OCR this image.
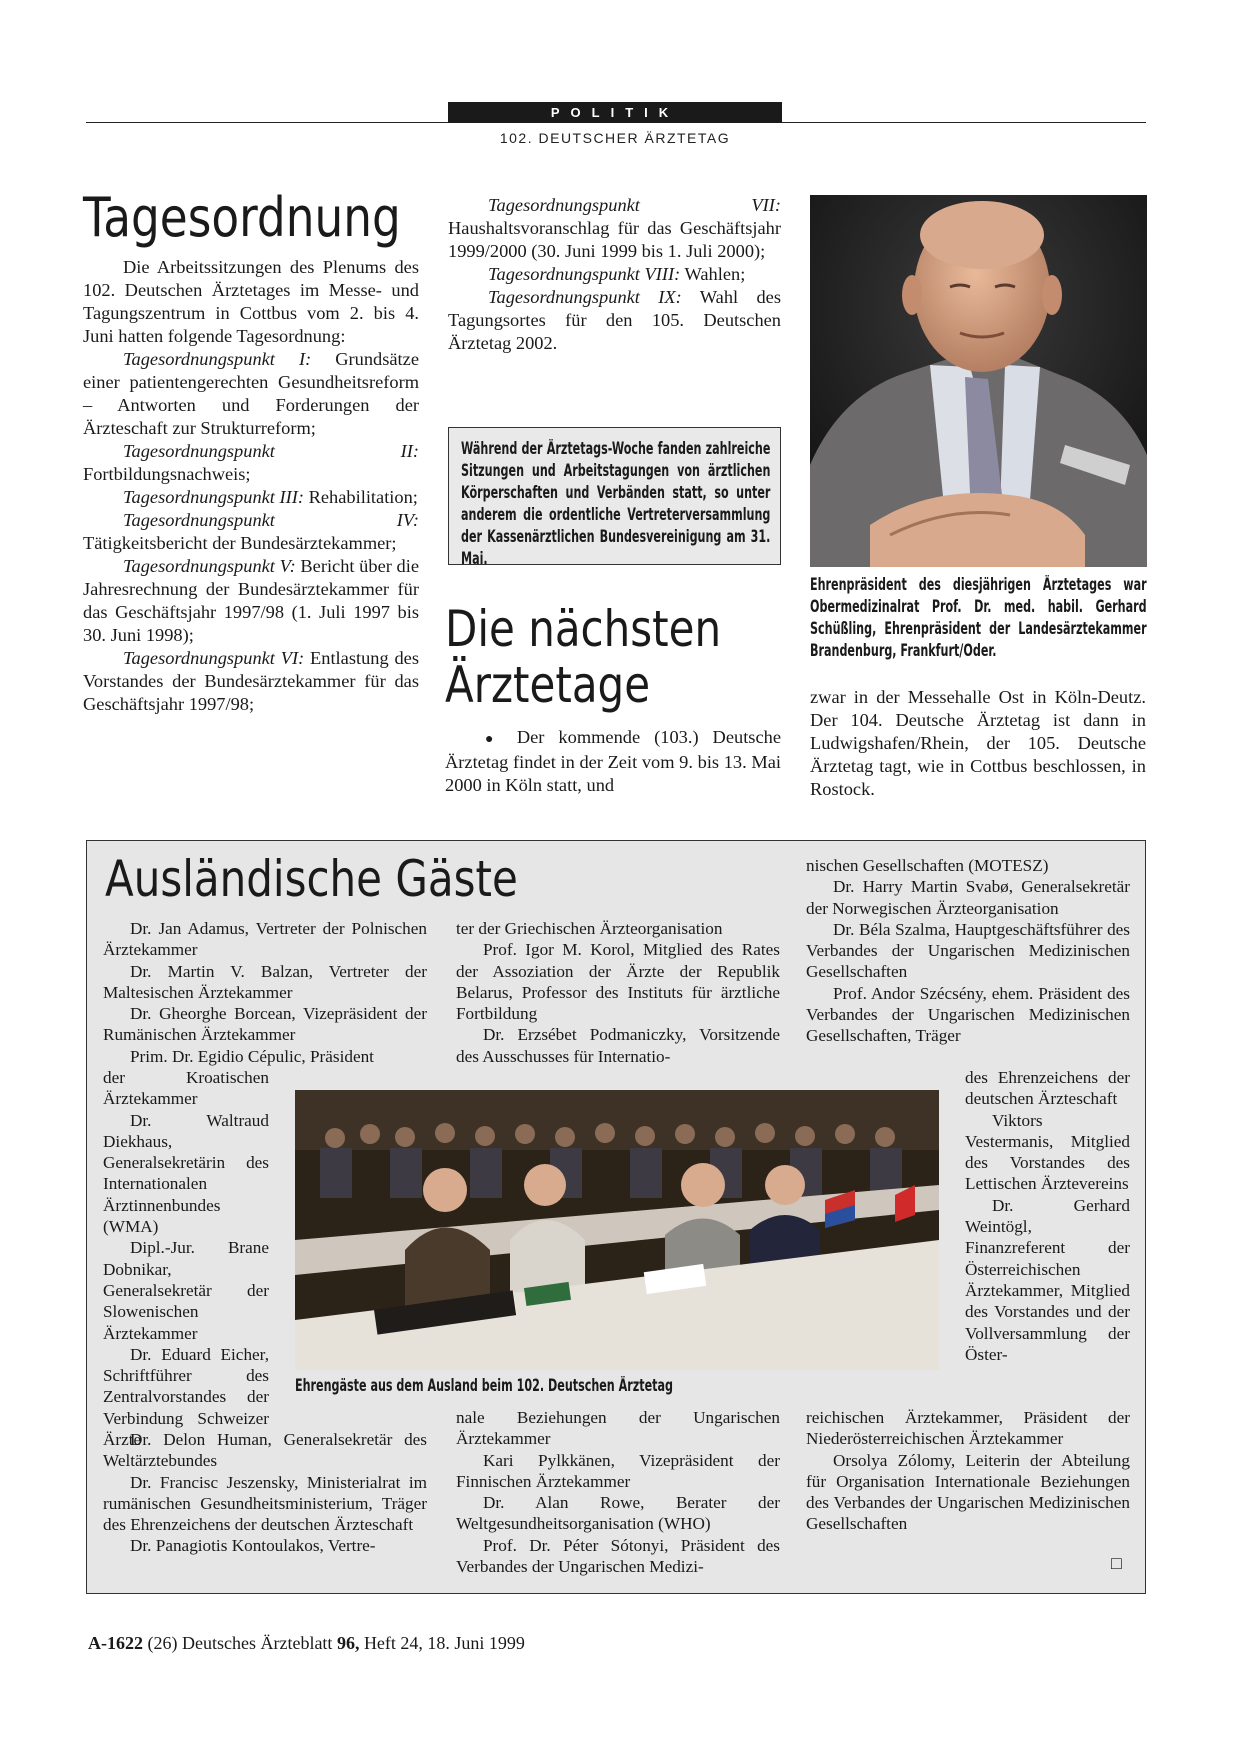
POLITIK
102. DEUTSCHER ÄRZTETAG
Tagesordnung

Die Arbeitssitzungen des Plenums des 102. Deutschen Ärztetages im Messe- und Tagungszentrum in Cottbus vom 2. bis 4. Juni hatten folgende Tagesordnung:

Tagesordnungspunkt I: Grundsätze einer patientengerechten Gesundheitsreform – Antworten und Forderungen der Ärzteschaft zur Strukturreform;

Tagesordnungspunkt II: Fortbildungsnachweis;

Tagesordnungspunkt III: Rehabilitation;

Tagesordnungspunkt IV: Tätigkeitsbericht der Bundesärztekammer;

Tagesordnungspunkt V: Bericht über die Jahresrechnung der Bundesärztekammer für das Geschäftsjahr 1997/98 (1. Juli 1997 bis 30. Juni 1998);

Tagesordnungspunkt VI: Entlastung des Vorstandes der Bundesärztekammer für das Geschäftsjahr 1997/98;

Tagesordnungspunkt VII: Haushaltsvoranschlag für das Geschäftsjahr 1999/2000 (30. Juni 1999 bis 1. Juli 2000);

Tagesordnungspunkt VIII: Wahlen;

Tagesordnungspunkt IX: Wahl des Tagungsortes für den 105. Deutschen Ärztetag 2002.

Während der Ärztetags-Woche fanden zahlreiche Sitzungen und Arbeitstagungen von ärztlichen Körperschaften und Verbänden statt, so unter anderem die ordentliche Vertreterversammlung der Kassenärztlichen Bundesvereinigung am 31. Mai.
Die nächsten
Ärztetage

● Der kommende (103.) Deutsche Ärztetag findet in der Zeit vom 9. bis 13. Mai 2000 in Köln statt, und

Ehrenpräsident des diesjährigen Ärztetages war Obermedizinalrat Prof. Dr. med. habil. Gerhard Schüßling, Ehrenpräsident der Landesärztekammer Brandenburg, Frankfurt/Oder.

zwar in der Messehalle Ost in Köln-Deutz. Der 104. Deutsche Ärztetag ist dann in Ludwigshafen/Rhein, der 105. Deutsche Ärztetag tagt, wie in Cottbus beschlossen, in Rostock.

Ausländische Gäste

Dr. Jan Adamus, Vertreter der Polnischen Ärztekammer

Dr. Martin V. Balzan, Vertreter der Maltesischen Ärztekammer

Dr. Gheorghe Borcean, Vizepräsident der Rumänischen Ärztekammer

Prim. Dr. Egidio Cépulic, Präsident

der Kroatischen Ärztekammer

Dr. Waltraud Diekhaus, Generalsekretärin des Internationalen Ärztinnenbundes (WMA)

Dipl.-Jur. Brane Dobnikar, Generalsekretär der Slowenischen Ärztekammer

Dr. Eduard Eicher, Schriftführer des Zentralvorstandes der Verbindung Schweizer Ärzte

Dr. Delon Human, Generalsekretär des Weltärztebundes

Dr. Francisc Jeszensky, Ministerialrat im rumänischen Gesundheitsministerium, Träger des Ehrenzeichens der deutschen Ärzteschaft

Dr. Panagiotis Kontoulakos, Vertre-

ter der Griechischen Ärzteorganisation

Prof. Igor M. Korol, Mitglied des Rates der Assoziation der Ärzte der Republik Belarus, Professor des Instituts für ärztliche Fortbildung

Dr. Erzsébet Podmaniczky, Vorsitzende des Ausschusses für Internatio-

nale Beziehungen der Ungarischen Ärztekammer

Kari Pylkkänen, Vizepräsident der Finnischen Ärztekammer

Dr. Alan Rowe, Berater der Weltgesundheitsorganisation (WHO)

Prof. Dr. Péter Sótonyi, Präsident des Verbandes der Ungarischen Medizi-

nischen Gesellschaften (MOTESZ)

Dr. Harry Martin Svabø, Generalsekretär der Norwegischen Ärzteorganisation

Dr. Béla Szalma, Hauptgeschäftsführer des Verbandes der Ungarischen Medizinischen Gesellschaften

Prof. Andor Szécsény, ehem. Präsident des Verbandes der Ungarischen Medizinischen Gesellschaften, Träger

des Ehrenzeichens der deutschen Ärzteschaft

Viktors Vestermanis, Mitglied des Vorstandes des Lettischen Ärztevereins

Dr. Gerhard Weintögl, Finanzreferent der Österreichischen Ärztekammer, Mitglied des Vorstandes und der Vollversammlung der Öster-

reichischen Ärztekammer, Präsident der Niederösterreichischen Ärztekammer

Orsolya Zólomy, Leiterin der Abteilung für Organisation Internationale Beziehungen des Verbandes der Ungarischen Medizinischen Gesellschaften

□
Ehrengäste aus dem Ausland beim 102. Deutschen Ärztetag
A-1622 (26) Deutsches Ärzteblatt 96, Heft 24, 18. Juni 1999
